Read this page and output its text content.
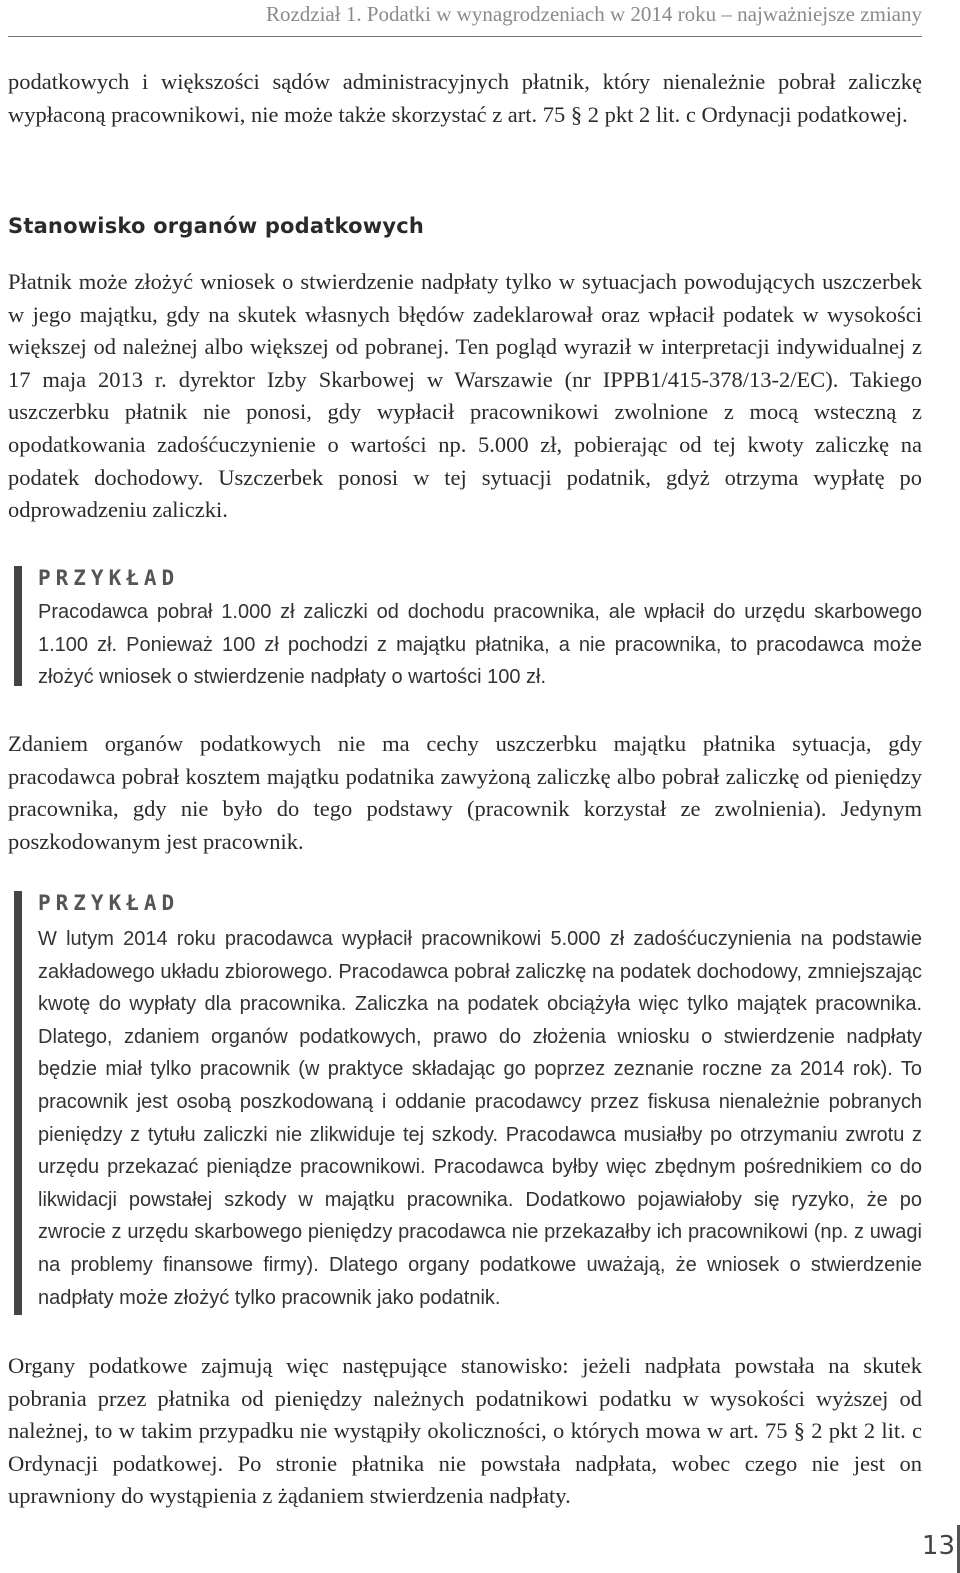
Rozdział 1. Podatki w wynagrodzeniach w 2014 roku – najważniejsze zmiany

podatkowych i większości sądów administracyjnych płatnik, który nienależnie pobrał zaliczkę wypłaconą pracownikowi, nie może także skorzystać z art. 75 § 2 pkt 2 lit. c Ordynacji podatkowej.

Stanowisko organów podatkowych

Płatnik może złożyć wniosek o stwierdzenie nadpłaty tylko w sytuacjach powodujących uszczerbek w jego majątku, gdy na skutek własnych błędów zadeklarował oraz wpłacił podatek w wysokości większej od należnej albo większej od pobranej. Ten pogląd wyraził w interpretacji indywidualnej z 17 maja 2013 r. dyrektor Izby Skarbowej w Warszawie (nr IPPB1/415-378/13-2/EC). Takiego uszczerbku płatnik nie ponosi, gdy wypłacił pracownikowi zwolnione z mocą wsteczną z opodatkowania zadośćuczynienie o wartości np. 5.000 zł, pobierając od tej kwoty zaliczkę na podatek dochodowy. Uszczerbek ponosi w tej sytuacji podatnik, gdyż otrzyma wypłatę po odprowadzeniu zaliczki.

PRZYKŁAD

Pracodawca pobrał 1.000 zł zaliczki od dochodu pracownika, ale wpłacił do urzędu skarbowego 1.100 zł. Ponieważ 100 zł pochodzi z majątku płatnika, a nie pracownika, to pracodawca może złożyć wniosek o stwierdzenie nadpłaty o wartości 100 zł.

Zdaniem organów podatkowych nie ma cechy uszczerbku majątku płatnika sytuacja, gdy pracodawca pobrał kosztem majątku podatnika zawyżoną zaliczkę albo pobrał zaliczkę od pieniędzy pracownika, gdy nie było do tego podstawy (pracownik korzystał ze zwolnienia). Jedynym poszkodowanym jest pracownik.

PRZYKŁAD

W lutym 2014 roku pracodawca wypłacił pracownikowi 5.000 zł zadośćuczynienia na podstawie zakładowego układu zbiorowego. Pracodawca pobrał zaliczkę na podatek dochodowy, zmniejszając kwotę do wypłaty dla pracownika. Zaliczka na podatek obciążyła więc tylko majątek pracownika. Dlatego, zdaniem organów podatkowych, prawo do złożenia wniosku o stwierdzenie nadpłaty będzie miał tylko pracownik (w praktyce składając go poprzez zeznanie roczne za 2014 rok). To pracownik jest osobą poszkodowaną i oddanie pracodawcy przez fiskusa nienależnie pobranych pieniędzy z tytułu zaliczki nie zlikwiduje tej szkody. Pracodawca musiałby po otrzymaniu zwrotu z urzędu przekazać pieniądze pracownikowi. Pracodawca byłby więc zbędnym pośrednikiem co do likwidacji powstałej szkody w majątku pracownika. Dodatkowo pojawiałoby się ryzyko, że po zwrocie z urzędu skarbowego pieniędzy pracodawca nie przekazałby ich pracownikowi (np. z uwagi na problemy finansowe firmy). Dlatego organy podatkowe uważają, że wniosek o stwierdzenie nadpłaty może złożyć tylko pracownik jako podatnik.

Organy podatkowe zajmują więc następujące stanowisko: jeżeli nadpłata powstała na skutek pobrania przez płatnika od pieniędzy należnych podatnikowi podatku w wysokości wyższej od należnej, to w takim przypadku nie wystąpiły okoliczności, o których mowa w art. 75 § 2 pkt 2 lit. c Ordynacji podatkowej. Po stronie płatnika nie powstała nadpłata, wobec czego nie jest on uprawniony do wystąpienia z żądaniem stwierdzenia nadpłaty.

13
